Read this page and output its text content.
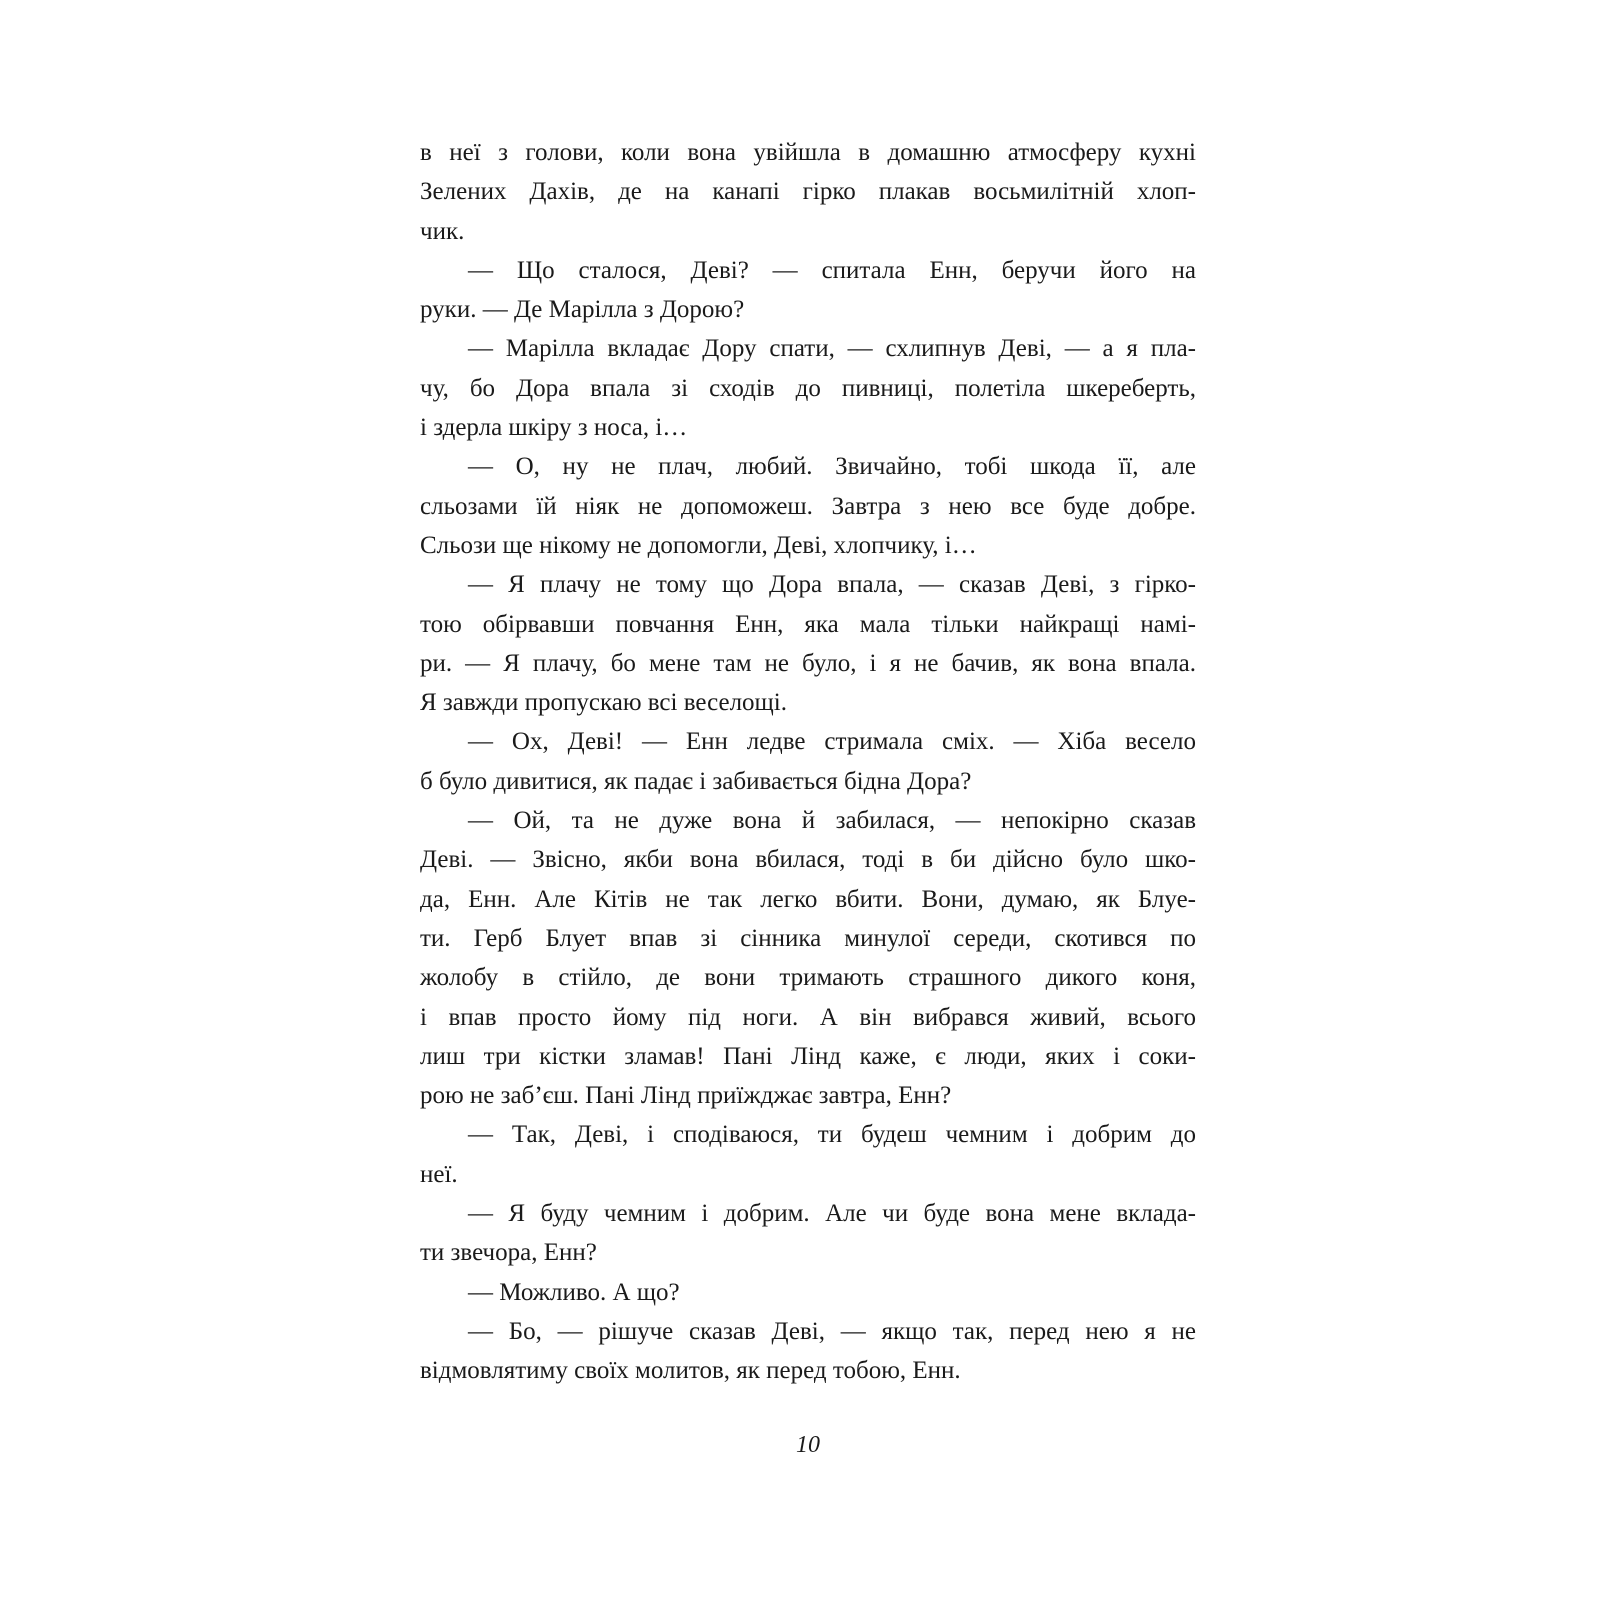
в неї з голови, коли вона увійшла в домашню атмосферу кухні
Зелених Дахів, де на канапі гірко плакав восьмилітній хлоп-
чик.
— Що сталося, Деві? — спитала Енн, беручи його на
руки. — Де Марілла з Дорою?
— Марілла вкладає Дору спати, — схлипнув Деві, — а я пла-
чу, бо Дора впала зі сходів до пивниці, полетіла шкереберть,
і здерла шкіру з носа, і…
— О, ну не плач, любий. Звичайно, тобі шкода її, але
сльозами їй ніяк не допоможеш. Завтра з нею все буде добре.
Сльози ще нікому не допомогли, Деві, хлопчику, і…
— Я плачу не тому що Дора впала, — сказав Деві, з гірко-
тою обірвавши повчання Енн, яка мала тільки найкращі намі-
ри. — Я плачу, бо мене там не було, і я не бачив, як вона впала.
Я завжди пропускаю всі веселощі.
— Ох, Деві! — Енн ледве стримала сміх. — Хіба весело
б було дивитися, як падає і забивається бідна Дора?
— Ой, та не дуже вона й забилася, — непокірно сказав
Деві. — Звісно, якби вона вбилася, тоді в би дійсно було шко-
да, Енн. Але Кітів не так легко вбити. Вони, думаю, як Блуе-
ти. Герб Блует впав зі сінника минулої середи, скотився по
жолобу в стійло, де вони тримають страшного дикого коня,
і впав просто йому під ноги. А він вибрався живий, всього
лиш три кістки зламав! Пані Лінд каже, є люди, яких і соки-
рою не заб’єш. Пані Лінд приїжджає завтра, Енн?
— Так, Деві, і сподіваюся, ти будеш чемним і добрим до
неї.
— Я буду чемним і добрим. Але чи буде вона мене вклада-
ти звечора, Енн?
— Можливо. А що?
— Бо, — рішуче сказав Деві, — якщо так, перед нею я не
відмовлятиму своїх молитов, як перед тобою, Енн.
10
